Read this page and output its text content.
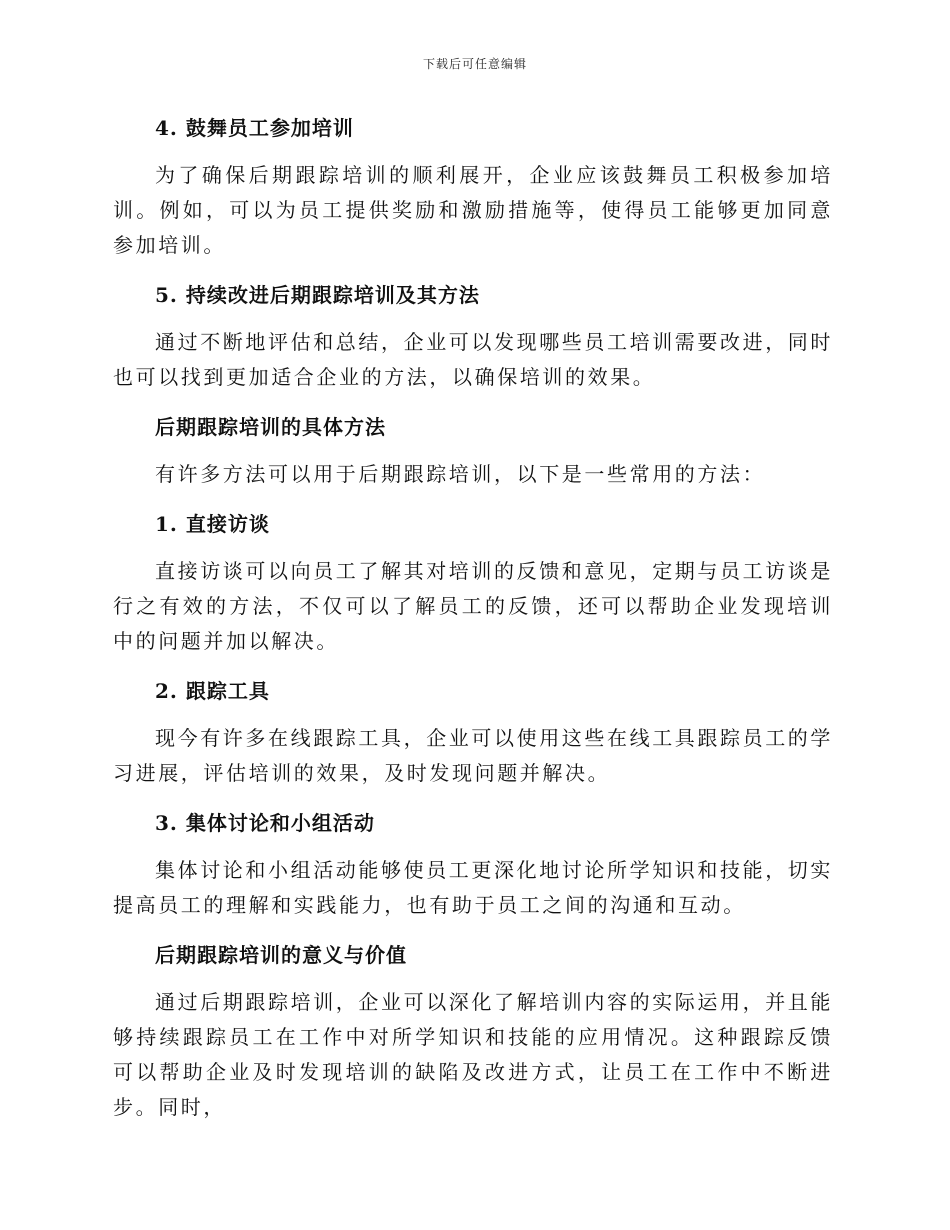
下载后可任意编辑

4. 鼓舞员工参加培训

为了确保后期跟踪培训的顺利展开，企业应该鼓舞员工积极参加培训。例如，可以为员工提供奖励和激励措施等，使得员工能够更加同意参加培训。

5. 持续改进后期跟踪培训及其方法

通过不断地评估和总结，企业可以发现哪些员工培训需要改进，同时也可以找到更加适合企业的方法，以确保培训的效果。

后期跟踪培训的具体方法

有许多方法可以用于后期跟踪培训，以下是一些常用的方法：

1. 直接访谈

直接访谈可以向员工了解其对培训的反馈和意见，定期与员工访谈是行之有效的方法，不仅可以了解员工的反馈，还可以帮助企业发现培训中的问题并加以解决。

2. 跟踪工具

现今有许多在线跟踪工具，企业可以使用这些在线工具跟踪员工的学习进展，评估培训的效果，及时发现问题并解决。

3. 集体讨论和小组活动

集体讨论和小组活动能够使员工更深化地讨论所学知识和技能，切实提高员工的理解和实践能力，也有助于员工之间的沟通和互动。

后期跟踪培训的意义与价值

通过后期跟踪培训，企业可以深化了解培训内容的实际运用，并且能够持续跟踪员工在工作中对所学知识和技能的应用情况。这种跟踪反馈可以帮助企业及时发现培训的缺陷及改进方式，让员工在工作中不断进步。同时，
